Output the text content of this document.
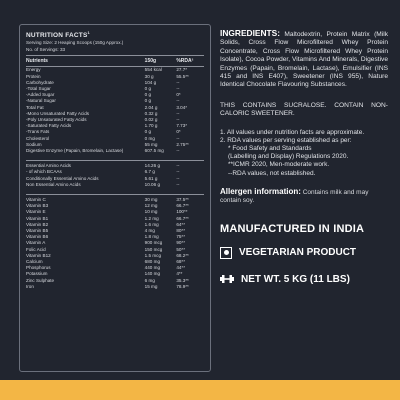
NUTRITION FACTS$^1$
Serving Size: 2 Heaping Scoops (150g Approx.)
No. of Servings: 33
Nutrients	150g	%RDA²
Energy	554 kcal	27.7*
Protein	30 g	55.5**
Carbohydrate	104 g	--
-Total Sugar	0 g	--
-Added Sugar	0 g	0*
-Natural Sugar	0 g	--
Total Fat	2.04 g	3.04*
-Mono Unsaturated Fatty Acids	0.32 g	--
-Poly Unsaturated Fatty Acids	0.02 g	--
-Saturated Fatty Acids	1.70 g	7.73*
-Trans Fats	0 g	0*
Cholesterol	0 mg	--
Sodium	55 mg	2.75**
Digestive Enzyme (Papain, Bromelain, Lactase)	607.5 mg	--
Essential Amino Acids	14.26 g	--
- of which BCAAs	6.7 g	--
Conditionally Essential Amino Acids	5.61 g	--
Non Essential Amino Acids	10.06 g	--
Vitamin C	30 mg	37.5**
Vitamin B3	12 mg	66.7**
Vitamin E	10 mg	100**
Vitamin B1	1.2 mg	66.7**
Vitamin B2	1.6 mg	64**
Vitamin B5	4 mg	80**
Vitamin B6	1.8 mg	75**
Vitamin A	900 mcg	90**
Folic Acid	150 mcg	50**
Vitamin B12	1.5 mcg	68.2**
Calcium	680 mg	68**
Phosphorus	440 mg	44**
Potassium	140 mg	4**
Zinc Sulphate	6 mg	35.3**
Iron	15 mg	78.9**
INGREDIENTS: Maltodextrin, Protein Matrix (Milk Solids, Cross Flow Microfiltered Whey Protein Concentrate, Cross Flow Microfiltered Whey Protein Isolate), Cocoa Powder, Vitamins And Minerals, Digestive Enzymes (Papain, Bromelain, Lactase), Emulsifier (INS 415 and INS E407), Sweetener (INS 955), Nature Identical Chocolate Flavouring Substances.
THIS CONTAINS SUCRALOSE. CONTAIN NON-CALORIC SWEETENER.
1. All values under nutrition facts are approximate.
2. RDA values per serving established as per:
* Food Safety and Standards
(Labelling and Display) Regulations 2020.
**ICMR 2020, Men-moderate work.
--RDA values, not established.
Allergen information: Contains milk and may contain soy.
MANUFACTURED IN INDIA
VEGETARIAN PRODUCT
NET WT. 5 KG (11 LBS)
